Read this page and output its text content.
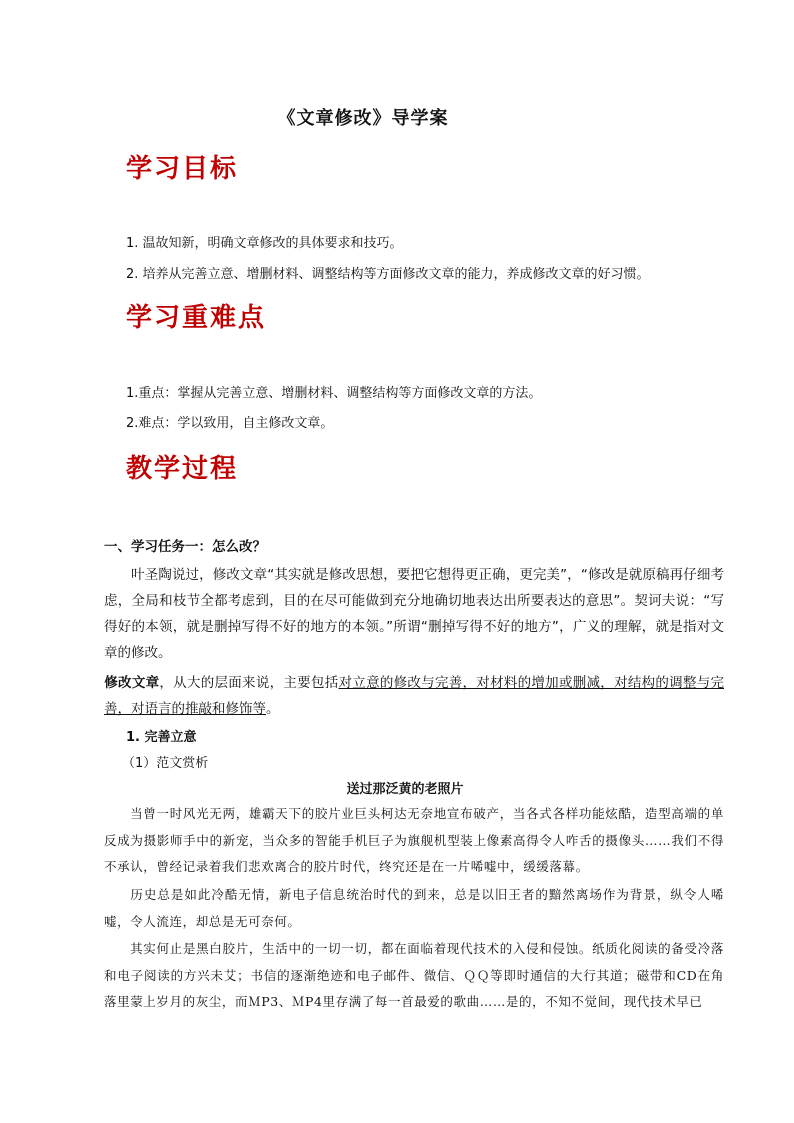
《文章修改》导学案
学习目标
1. 温故知新，明确文章修改的具体要求和技巧。
2. 培养从完善立意、增删材料、调整结构等方面修改文章的能力，养成修改文章的好习惯。
学习重难点
1.重点：掌握从完善立意、增删材料、调整结构等方面修改文章的方法。
2.难点：学以致用，自主修改文章。
教学过程
一、学习任务一：怎么改？
叶圣陶说过，修改文章“其实就是修改思想，要把它想得更正确，更完美”，“修改是就原稿再仔细考虑，全局和枝节全都考虑到，目的在尽可能做到充分地确切地表达出所要表达的意思”。契诃夫说：“写得好的本领，就是删掉写得不好的地方的本领。”所谓“删掉写得不好的地方”，广义的理解，就是指对文章的修改。
修改文章，从大的层面来说，主要包括对立意的修改与完善，对材料的增加或删减，对结构的调整与完善，对语言的推敲和修饰等。
1. 完善立意
（1）范文赏析
送过那泛黄的老照片
当曾一时风光无两，雄霸天下的胶片业巨头柯达无奈地宣布破产，当各式各样功能炫酷，造型高端的单反成为摄影师手中的新宠，当众多的智能手机巨子为旗舰机型装上像素高得令人咋舌的摄像头……我们不得不承认，曾经记录着我们悲欢离合的胶片时代，终究还是在一片唏嘘中，缓缓落幕。
历史总是如此冷酷无情，新电子信息统治时代的到来，总是以旧王者的黯然离场作为背景，纵令人唏嘘，令人流连，却总是无可奈何。
其实何止是黑白胶片，生活中的一切一切，都在面临着现代技术的入侵和侵蚀。纸质化阅读的备受冷落和电子阅读的方兴未艾；书信的逐渐绝迹和电子邮件、微信、ＱＱ等即时通信的大行其道；磁带和CD在角落里蒙上岁月的灰尘，而ＭP3、ＭP4里存满了每一首最爱的歌曲……是的，不知不觉间，现代技术早已
